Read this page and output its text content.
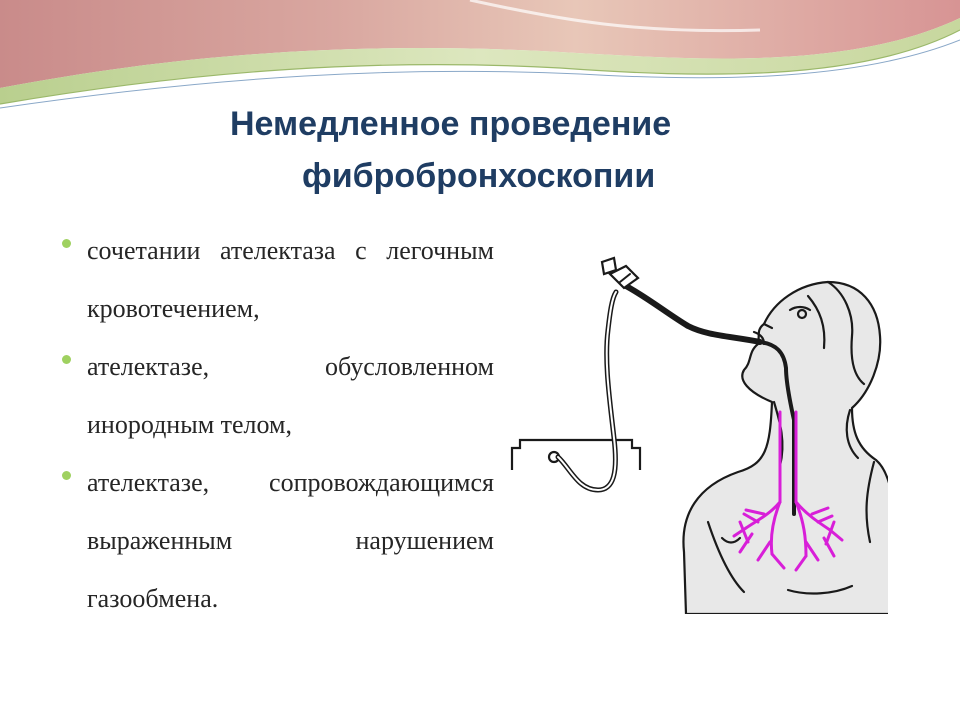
Немедленное проведение
фибробронхоскопии
сочетании ателектаза с легочным кровотечением,
ателектазе, обусловленном инородным телом,
ателектазе, сопровождающимся выраженным нарушением газообмена.
